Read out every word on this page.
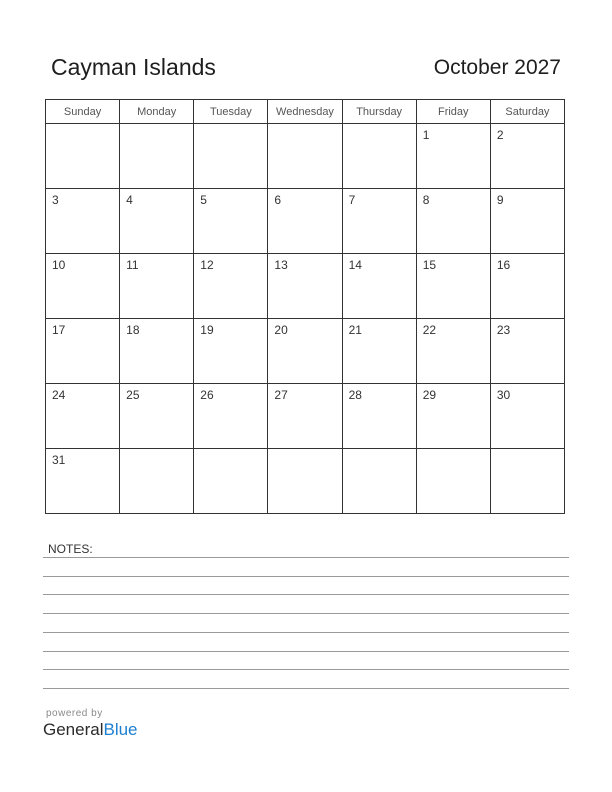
Cayman Islands	October 2027
Sunday	Monday	Tuesday	Wednesday	Thursday	Friday	Saturday

					1	2

3	4	5	6	7	8	9

10	11	12	13	14	15	16

17	18	19	20	21	22	23

24	25	26	27	28	29	30

31						

NOTES:
powered by
GeneralBlue
